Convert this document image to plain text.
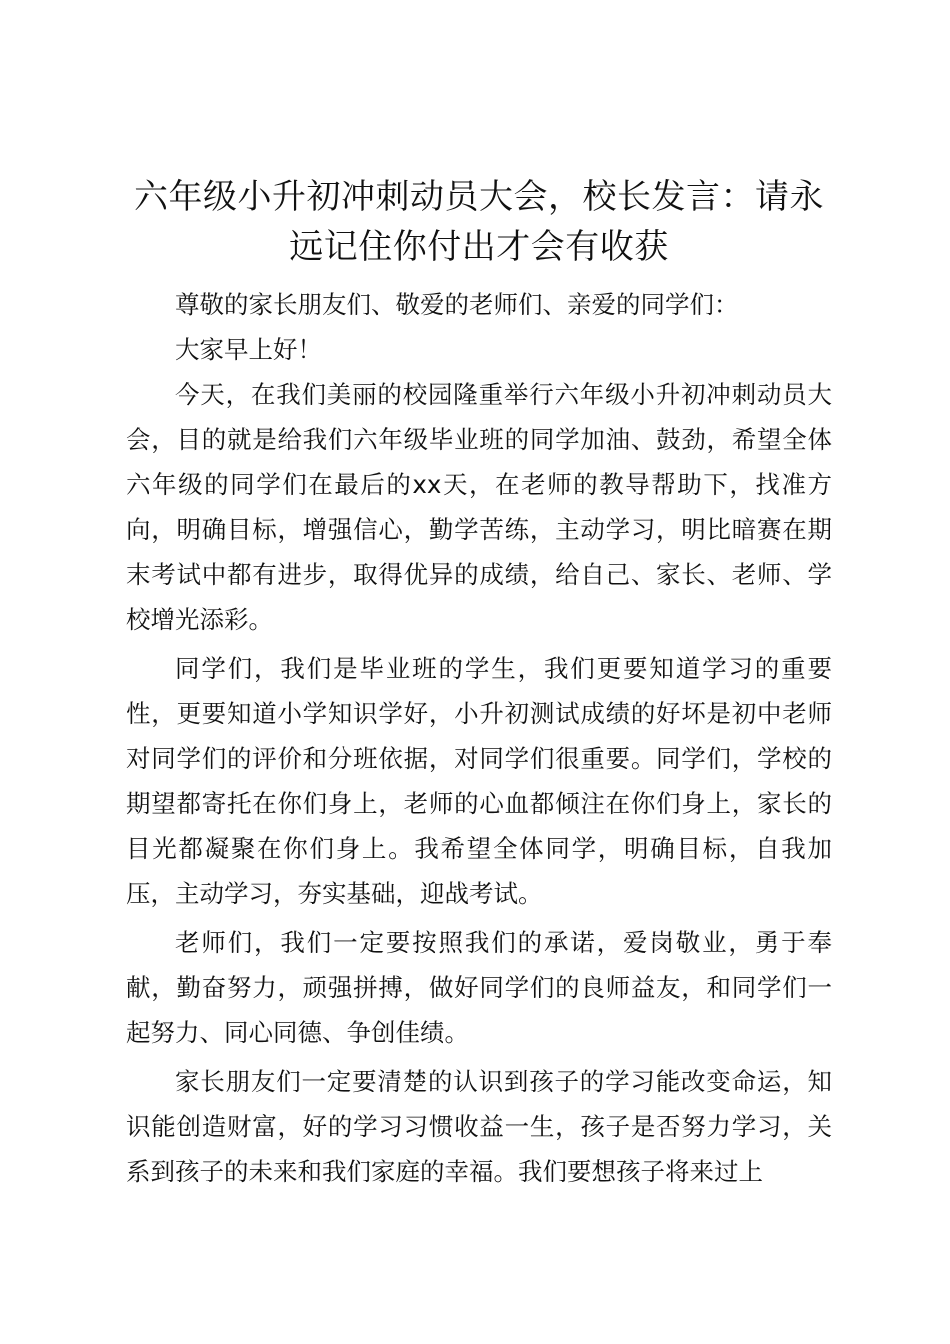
六年级小升初冲刺动员大会，校长发言：请永远记住你付出才会有收获

尊敬的家长朋友们、敬爱的老师们、亲爱的同学们：

大家早上好！

今天，在我们美丽的校园隆重举行六年级小升初冲刺动员大会，目的就是给我们六年级毕业班的同学加油、鼓劲，希望全体六年级的同学们在最后的xx天，在老师的教导帮助下，找准方向，明确目标，增强信心，勤学苦练，主动学习，明比暗赛在期末考试中都有进步，取得优异的成绩，给自己、家长、老师、学校增光添彩。

同学们，我们是毕业班的学生，我们更要知道学习的重要性，更要知道小学知识学好，小升初测试成绩的好坏是初中老师对同学们的评价和分班依据，对同学们很重要。同学们，学校的期望都寄托在你们身上，老师的心血都倾注在你们身上，家长的目光都凝聚在你们身上。我希望全体同学，明确目标，自我加压，主动学习，夯实基础，迎战考试。

老师们，我们一定要按照我们的承诺，爱岗敬业，勇于奉献，勤奋努力，顽强拼搏，做好同学们的良师益友，和同学们一起努力、同心同德、争创佳绩。

家长朋友们一定要清楚的认识到孩子的学习能改变命运，知识能创造财富，好的学习习惯收益一生，孩子是否努力学习，关系到孩子的未来和我们家庭的幸福。我们要想孩子将来过上
